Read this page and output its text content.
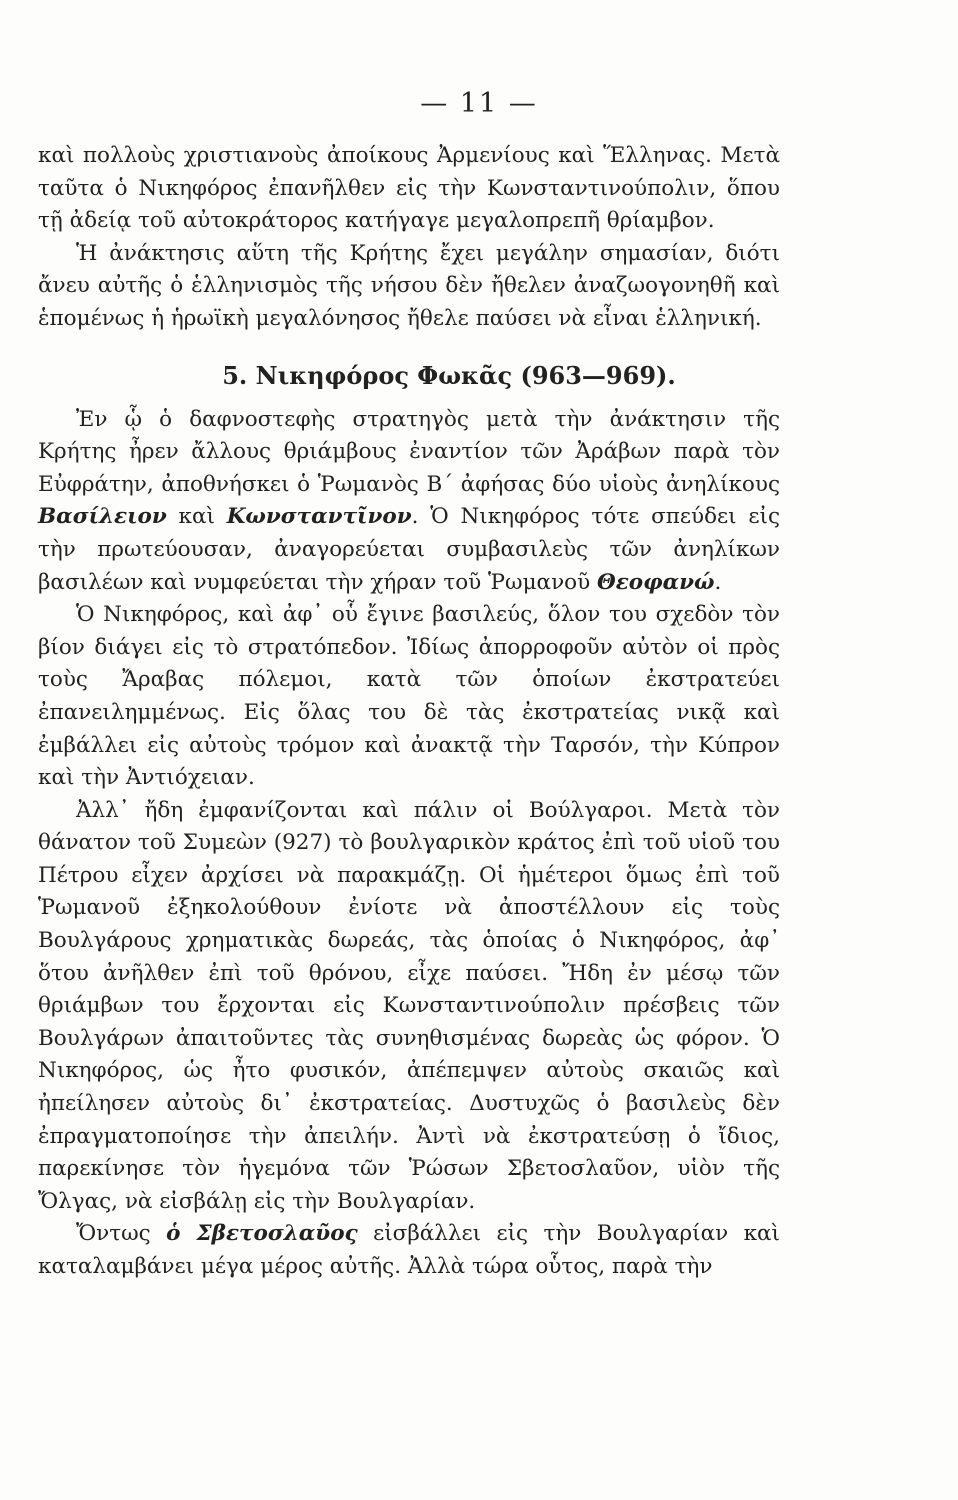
— 11 —

καὶ πολλοὺς χριστιανοὺς ἀποίκους Ἀρμενίους καὶ Ἕλληνας. Μετὰ ταῦτα ὁ Νικηφόρος ἐπανῆλθεν εἰς τὴν Κωνσταντινούπολιν, ὅπου τῇ ἀδείᾳ τοῦ αὐτοκράτορος κατήγαγε μεγαλοπρεπῆ θρίαμβον.

Ἡ ἀνάκτησις αὕτη τῆς Κρήτης ἔχει μεγάλην σημασίαν, διότι ἄνευ αὐτῆς ὁ ἑλληνισμὸς τῆς νήσου δὲν ἤθελεν ἀναζωογονηθῆ καὶ ἑπομένως ἡ ἡρωϊκὴ μεγαλόνησος ἤθελε παύσει νὰ εἶναι ἑλληνική.

5. Νικηφόρος Φωκᾶς (963—969).

Ἐν ᾧ ὁ δαφνοστεφὴς στρατηγὸς μετὰ τὴν ἀνάκτησιν τῆς Κρήτης ἦρεν ἄλλους θριάμβους ἐναντίον τῶν Ἀράβων παρὰ τὸν Εὐφράτην, ἀποθνήσκει ὁ Ῥωμανὸς Β΄ ἀφήσας δύο υἱοὺς ἀνηλίκους Βασίλειον καὶ Κωνσταντῖνον. Ὁ Νικηφόρος τότε σπεύδει εἰς τὴν πρωτεύουσαν, ἀναγορεύεται συμβασιλεὺς τῶν ἀνηλίκων βασιλέων καὶ νυμφεύεται τὴν χήραν τοῦ Ῥωμανοῦ Θεοφανώ.

Ὁ Νικηφόρος, καὶ ἀφ᾽ οὗ ἔγινε βασιλεύς, ὅλον του σχεδὸν τὸν βίον διάγει εἰς τὸ στρατόπεδον. Ἰδίως ἀπορροφοῦν αὐτὸν οἱ πρὸς τοὺς Ἄραβας πόλεμοι, κατὰ τῶν ὁποίων ἐκστρατεύει ἐπανειλημμένως. Εἰς ὅλας του δὲ τὰς ἐκστρατείας νικᾷ καὶ ἐμβάλλει εἰς αὐτοὺς τρόμον καὶ ἀνακτᾷ τὴν Ταρσόν, τὴν Κύπρον καὶ τὴν Ἀντιόχειαν.

Ἀλλ᾽ ἤδη ἐμφανίζονται καὶ πάλιν οἱ Βούλγαροι. Μετὰ τὸν θάνατον τοῦ Συμεὼν (927) τὸ βουλγαρικὸν κράτος ἐπὶ τοῦ υἱοῦ του Πέτρου εἶχεν ἀρχίσει νὰ παρακμάζῃ. Οἱ ἡμέτεροι ὅμως ἐπὶ τοῦ Ῥωμανοῦ ἐξηκολούθουν ἐνίοτε νὰ ἀποστέλλουν εἰς τοὺς Βουλγάρους χρηματικὰς δωρεάς, τὰς ὁποίας ὁ Νικηφόρος, ἀφ᾽ ὅτου ἀνῆλθεν ἐπὶ τοῦ θρόνου, εἶχε παύσει. Ἤδη ἐν μέσῳ τῶν θριάμβων του ἔρχονται εἰς Κωνσταντινούπολιν πρέσβεις τῶν Βουλγάρων ἀπαιτοῦντες τὰς συνηθισμένας δωρεὰς ὡς φόρον. Ὁ Νικηφόρος, ὡς ἦτο φυσικόν, ἀπέπεμψεν αὐτοὺς σκαιῶς καὶ ἠπείλησεν αὐτοὺς δι᾽ ἐκστρατείας. Δυστυχῶς ὁ βασιλεὺς δὲν ἐπραγματοποίησε τὴν ἀπειλήν. Ἀντὶ νὰ ἐκστρατεύσῃ ὁ ἴδιος, παρεκίνησε τὸν ἡγεμόνα τῶν Ῥώσων Σβετοσλαῦον, υἱὸν τῆς Ὄλγας, νὰ εἰσβάλῃ εἰς τὴν Βουλγαρίαν.

Ὄντως ὁ Σβετοσλαῦος εἰσβάλλει εἰς τὴν Βουλγαρίαν καὶ καταλαμβάνει μέγα μέρος αὐτῆς. Ἀλλὰ τώρα οὗτος, παρὰ τὴν
